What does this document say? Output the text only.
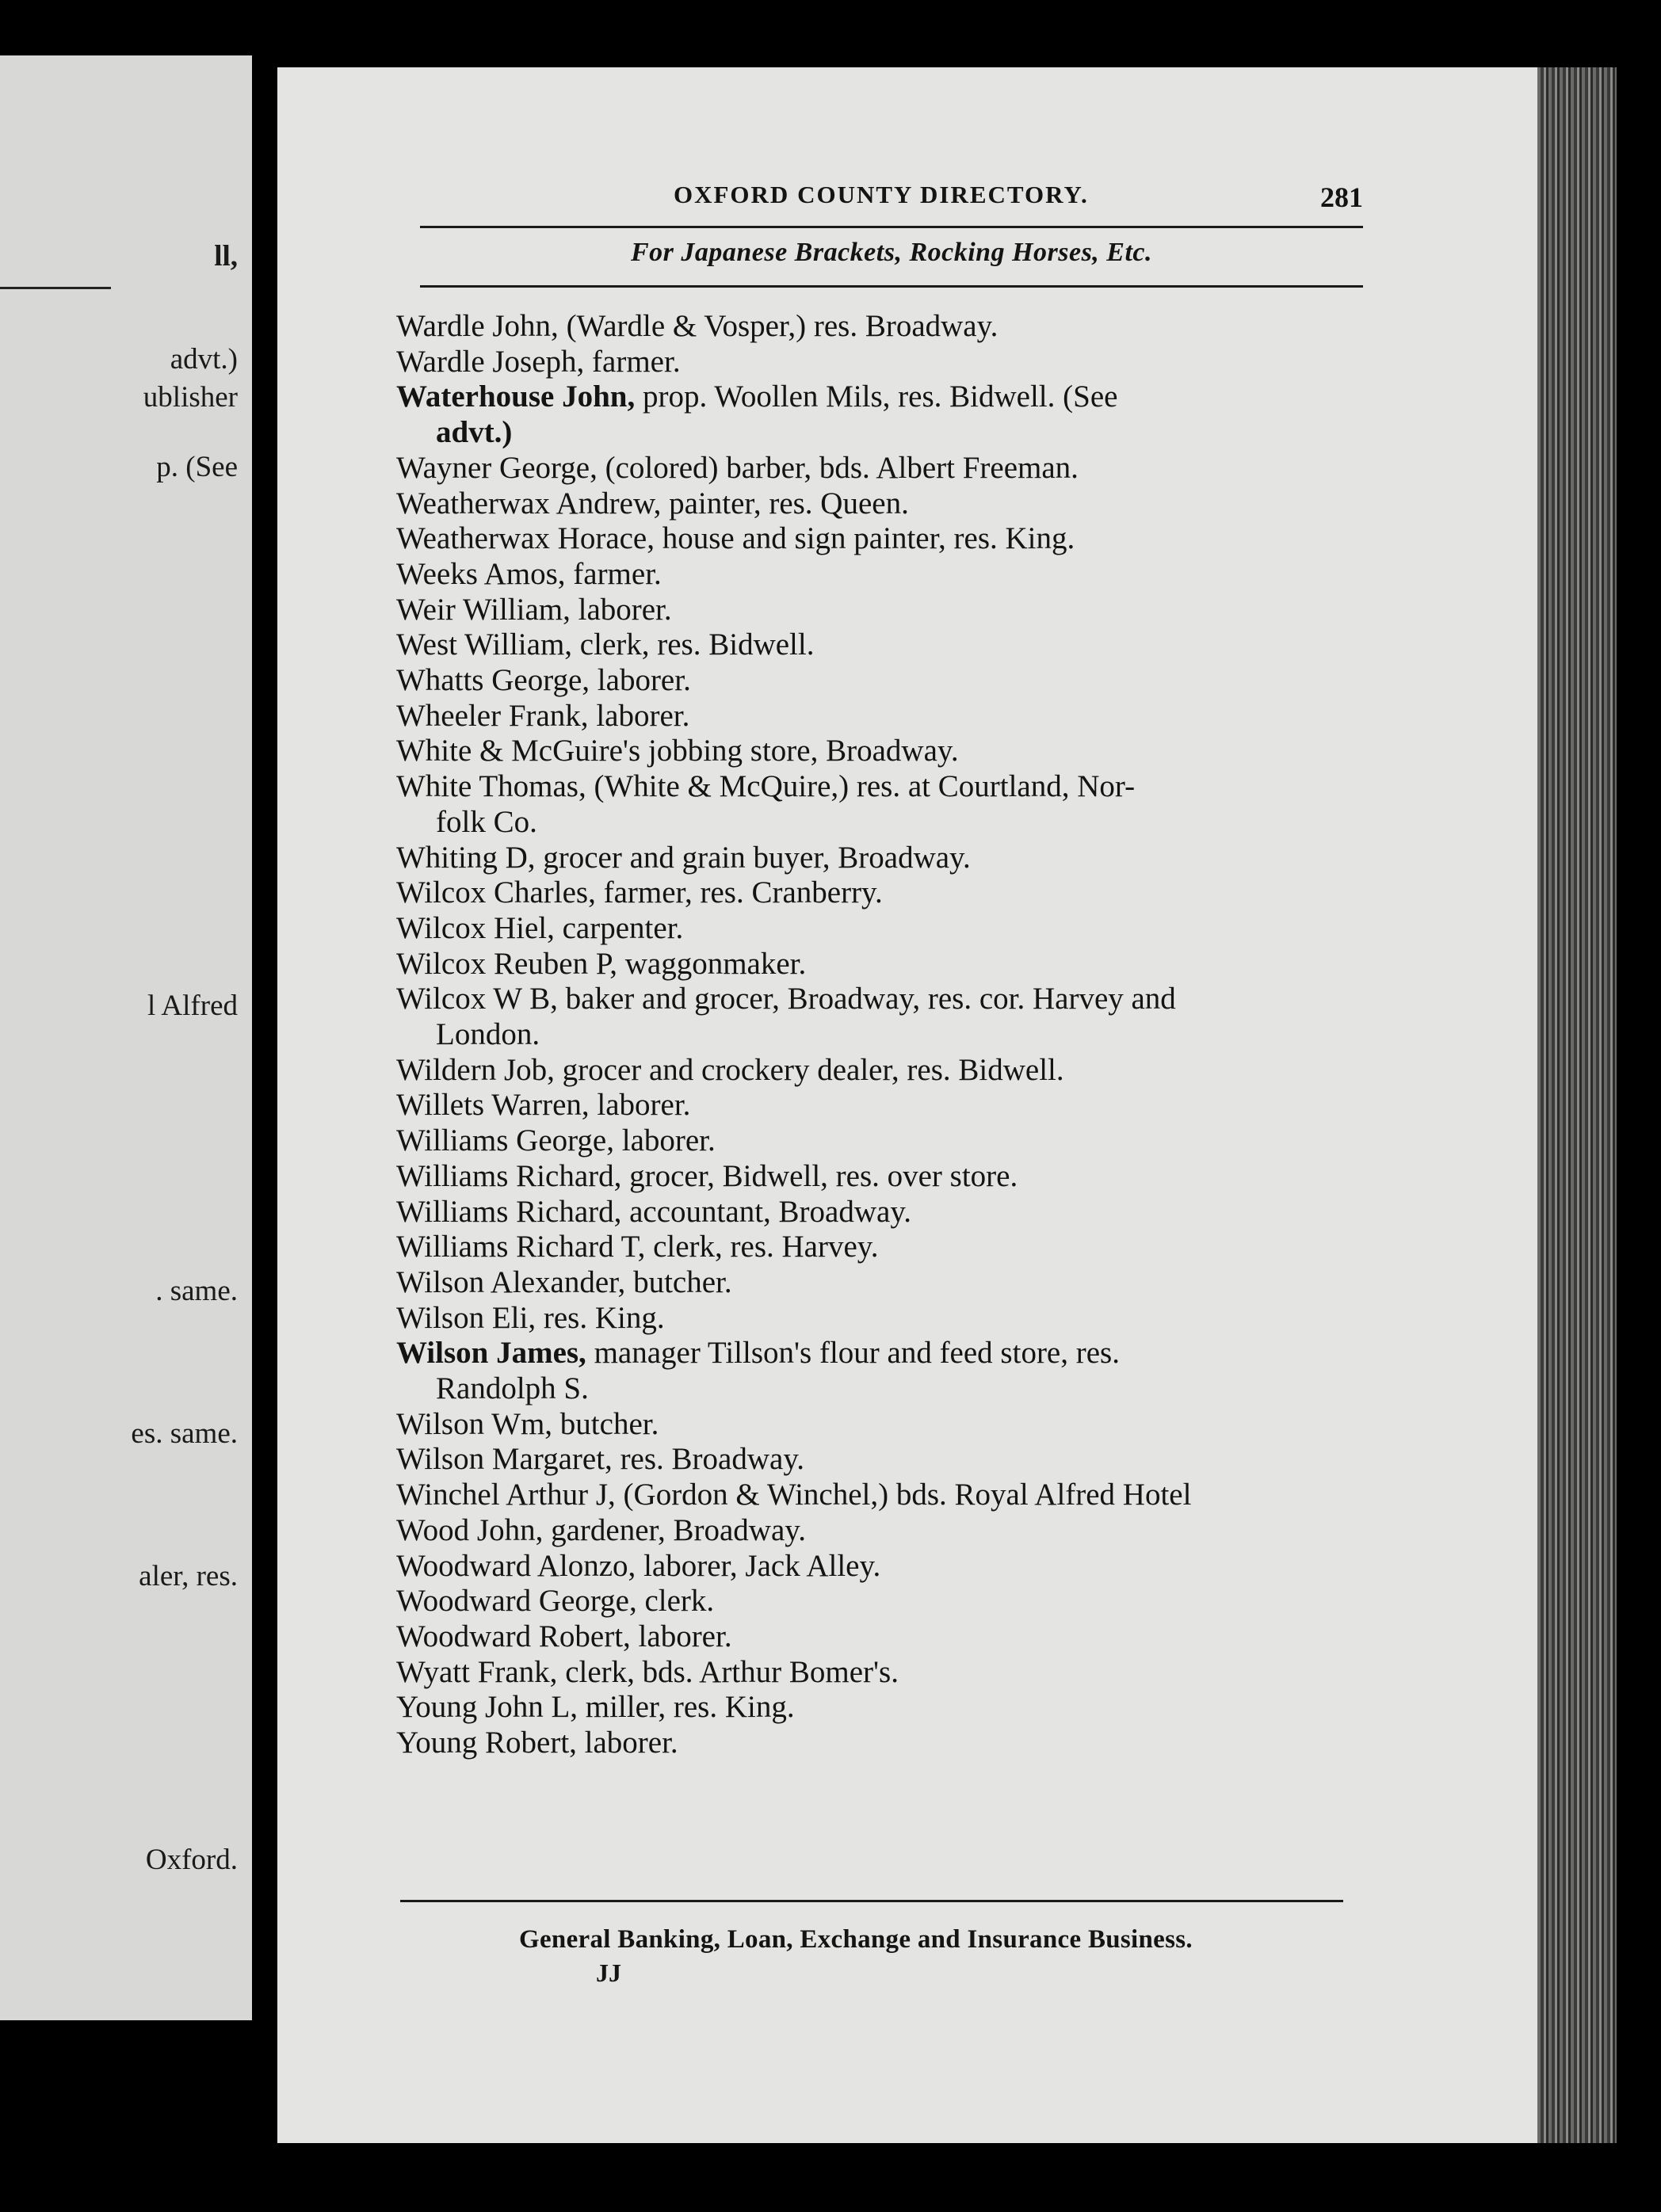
ll,
advt.)
ublisher
p. (See
l Alfred
. same.
es. same.
aler, res.
Oxford.
OXFORD COUNTY DIRECTORY.	281
For Japanese Brackets, Rocking Horses, Etc.
Wardle John, (Wardle & Vosper,) res. Broadway.
Wardle Joseph, farmer.
Waterhouse John, prop. Woollen Mils, res. Bidwell. (See
advt.)
Wayner George, (colored) barber, bds. Albert Freeman.
Weatherwax Andrew, painter, res. Queen.
Weatherwax Horace, house and sign painter, res. King.
Weeks Amos, farmer.
Weir William, laborer.
West William, clerk, res. Bidwell.
Whatts George, laborer.
Wheeler Frank, laborer.
White & McGuire's jobbing store, Broadway.
White Thomas, (White & McQuire,) res. at Courtland, Nor-
folk Co.
Whiting D, grocer and grain buyer, Broadway.
Wilcox Charles, farmer, res. Cranberry.
Wilcox Hiel, carpenter.
Wilcox Reuben P, waggonmaker.
Wilcox W B, baker and grocer, Broadway, res. cor. Harvey and
London.
Wildern Job, grocer and crockery dealer, res. Bidwell.
Willets Warren, laborer.
Williams George, laborer.
Williams Richard, grocer, Bidwell, res. over store.
Williams Richard, accountant, Broadway.
Williams Richard T, clerk, res. Harvey.
Wilson Alexander, butcher.
Wilson Eli, res. King.
Wilson James, manager Tillson's flour and feed store, res.
Randolph S.
Wilson Wm, butcher.
Wilson Margaret, res. Broadway.
Winchel Arthur J, (Gordon & Winchel,) bds. Royal Alfred Hotel
Wood John, gardener, Broadway.
Woodward Alonzo, laborer, Jack Alley.
Woodward George, clerk.
Woodward Robert, laborer.
Wyatt Frank, clerk, bds. Arthur Bomer's.
Young John L, miller, res. King.
Young Robert, laborer.
General Banking, Loan, Exchange and Insurance Business.
JJ
